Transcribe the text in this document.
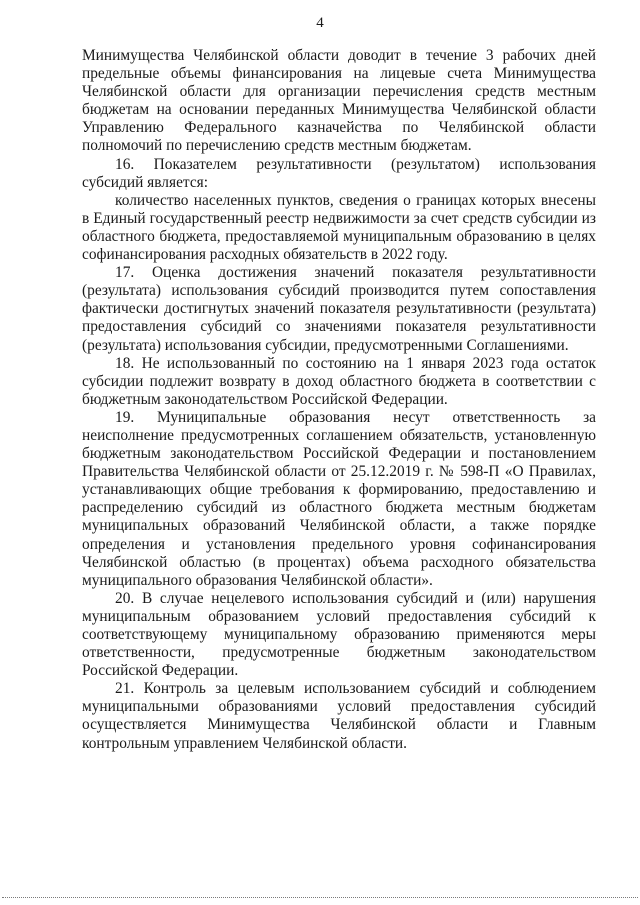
4

Минимущества Челябинской области доводит в течение 3 рабочих дней предельные объемы финансирования на лицевые счета Минимущества Челябинской области для организации перечисления средств местным бюджетам на основании переданных Минимущества Челябинской области Управлению Федерального казначейства по Челябинской области полномочий по перечислению средств местным бюджетам.

16. Показателем результативности (результатом) использования субсидий является:

количество населенных пунктов, сведения о границах которых внесены в Единый государственный реестр недвижимости за счет средств субсидии из областного бюджета, предоставляемой муниципальным образованию в целях софинансирования расходных обязательств в 2022 году.

17. Оценка достижения значений показателя результативности (результата) использования субсидий производится путем сопоставления фактически достигнутых значений показателя результативности (результата) предоставления субсидий со значениями показателя результативности (результата) использования субсидии, предусмотренными Соглашениями.

18. Не использованный по состоянию на 1 января 2023 года остаток субсидии подлежит возврату в доход областного бюджета в соответствии с бюджетным законодательством Российской Федерации.

19. Муниципальные образования несут ответственность за неисполнение предусмотренных соглашением обязательств, установленную бюджетным законодательством Российской Федерации и постановлением Правительства Челябинской области от 25.12.2019 г. № 598-П «О Правилах, устанавливающих общие требования к формированию, предоставлению и распределению субсидий из областного бюджета местным бюджетам муниципальных образований Челябинской области, а также порядке определения и установления предельного уровня софинансирования Челябинской областью (в процентах) объема расходного обязательства муниципального образования Челябинской области».

20. В случае нецелевого использования субсидий и (или) нарушения муниципальным образованием условий предоставления субсидий к соответствующему муниципальному образованию применяются меры ответственности, предусмотренные бюджетным законодательством Российской Федерации.

21. Контроль за целевым использованием субсидий и соблюдением муниципальными образованиями условий предоставления субсидий осуществляется Минимущества Челябинской области и Главным контрольным управлением Челябинской области.
